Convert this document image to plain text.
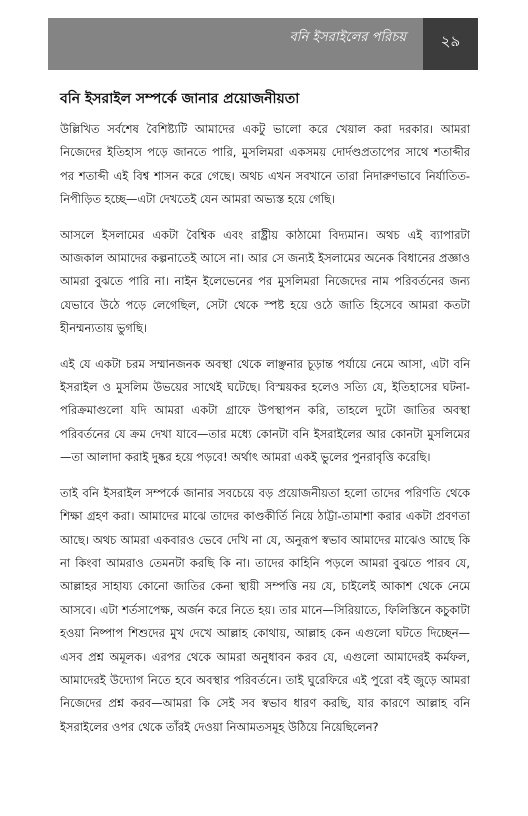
বনি ইসরাইলের পরিচয়	২৯
বনি ইসরাইল সম্পর্কে জানার প্রয়োজনীয়তা

উল্লিখিত সর্বশেষ বৈশিষ্ট্যটি আমাদের একটু ভালো করে খেয়াল করা দরকার। আমরা নিজেদের ইতিহাস পড়ে জানতে পারি, মুসলিমরা একসময় দোর্দণ্ডপ্রতাপের সাথে শতাব্দীর পর শতাব্দী এই বিশ্ব শাসন করে গেছে। অথচ এখন সবখানে তারা নিদারুণভাবে নির্যাতিত-নিপীড়িত হচ্ছে—এটা দেখতেই যেন আমরা অভ্যস্ত হয়ে গেছি।

আসলে ইসলামের একটা বৈশ্বিক এবং রাষ্ট্রীয় কাঠামো বিদ্যমান। অথচ এই ব্যাপারটা আজকাল আমাদের কল্পনাতেই আসে না। আর সে জন্যই ইসলামের অনেক বিধানের প্রজ্ঞাও আমরা বুঝতে পারি না। নাইন ইলেভেনের পর মুসলিমরা নিজেদের নাম পরিবর্তনের জন্য যেভাবে উঠে পড়ে লেগেছিল, সেটা থেকে স্পষ্ট হয়ে ওঠে জাতি হিসেবে আমরা কতটা হীনম্মন্যতায় ভুগছি।

এই যে একটা চরম সম্মানজনক অবস্থা থেকে লাঞ্ছনার চূড়ান্ত পর্যায়ে নেমে আসা, এটা বনি ইসরাইল ও মুসলিম উভয়ের সাথেই ঘটেছে। বিস্ময়কর হলেও সত্যি যে, ইতিহাসের ঘটনা-পরিক্রমাগুলো যদি আমরা একটা গ্রাফে উপস্থাপন করি, তাহলে দুটো জাতির অবস্থা পরিবর্তনের যে ক্রম দেখা যাবে—তার মধ্যে কোনটা বনি ইসরাইলের আর কোনটা মুসলিমের—তা আলাদা করাই দুষ্কর হয়ে পড়বে! অর্থাৎ আমরা একই ভুলের পুনরাবৃত্তি করেছি।

তাই বনি ইসরাইল সম্পর্কে জানার সবচেয়ে বড় প্রয়োজনীয়তা হলো তাদের পরিণতি থেকে শিক্ষা গ্রহণ করা। আমাদের মাঝে তাদের কাণ্ডকীর্তি নিয়ে ঠাট্টা-তামাশা করার একটা প্রবণতা আছে। অথচ আমরা একবারও ভেবে দেখি না যে, অনুরূপ স্বভাব আমাদের মাঝেও আছে কি না কিংবা আমরাও তেমনটা করছি কি না। তাদের কাহিনি পড়লে আমরা বুঝতে পারব যে, আল্লাহর সাহায্য কোনো জাতির কেনা স্থায়ী সম্পত্তি নয় যে, চাইলেই আকাশ থেকে নেমে আসবে। এটা শর্তসাপেক্ষ, অর্জন করে নিতে হয়। তার মানে—সিরিয়াতে, ফিলিস্তিনে কচুকাটা হওয়া নিষ্পাপ শিশুদের মুখ দেখে আল্লাহ কোথায়, আল্লাহ কেন এগুলো ঘটতে দিচ্ছেন—এসব প্রশ্ন অমূলক। এরপর থেকে আমরা অনুধাবন করব যে, এগুলো আমাদেরই কর্মফল, আমাদেরই উদ্যোগ নিতে হবে অবস্থার পরিবর্তনে। তাই ঘুরেফিরে এই পুরো বই জুড়ে আমরা নিজেদের প্রশ্ন করব—আমরা কি সেই সব স্বভাব ধারণ করছি, যার কারণে আল্লাহ বনি ইসরাইলের ওপর থেকে তাঁরই দেওয়া নিআমতসমূহ উঠিয়ে নিয়েছিলেন?
